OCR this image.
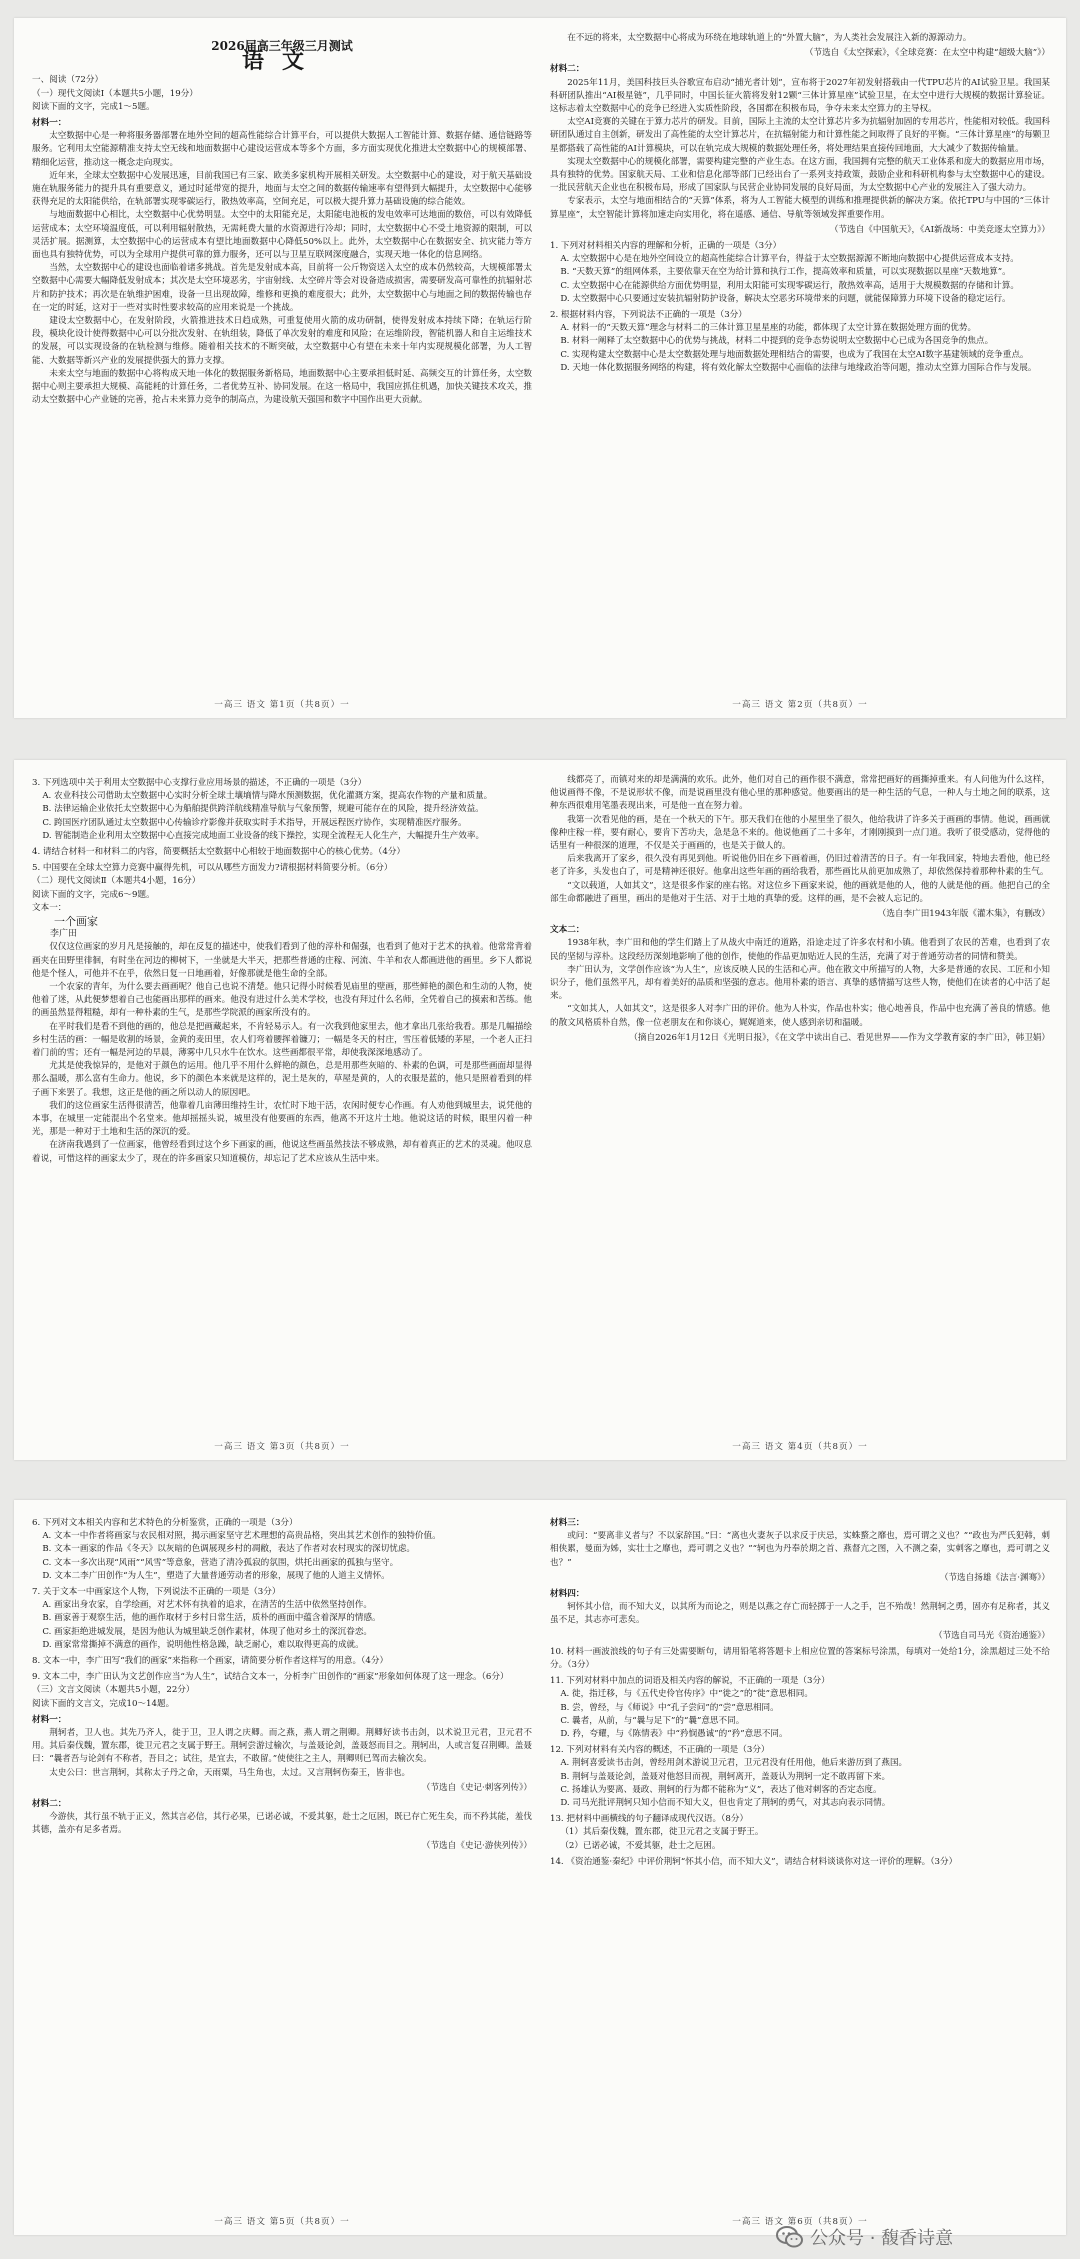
2026届高三年级三月测试
语文

一、阅读（72分）

（一）现代文阅读Ⅰ（本题共5小题，19分）

阅读下面的文字，完成1～5题。

材料一：

太空数据中心是一种将服务器部署在地外空间的超高性能综合计算平台，可以提供大数据人工智能计算、数据存储、通信链路等服务。它利用太空能源精准支持太空无线和地面数据中心建设运营成本等多个方面，多方面实现优化推进太空数据中心的规模部署、精细化运营，推动这一概念走向现实。

近年来，全球太空数据中心发展迅速，目前我国已有三家、欧美多家机构开展相关研发。太空数据中心的建设，对于航天基础设施在轨服务能力的提升具有重要意义，通过时延带宽的提升，地面与太空之间的数据传输速率有望得到大幅提升，太空数据中心能够获得充足的太阳能供给，在轨部署实现零碳运行，散热效率高，空间充足，可以极大提升算力基础设施的综合能效。

与地面数据中心相比，太空数据中心优势明显。太空中的太阳能充足，太阳能电池板的发电效率可达地面的数倍，可以有效降低运营成本；太空环境温度低，可以利用辐射散热，无需耗费大量的水资源进行冷却；同时，太空数据中心不受土地资源的限制，可以灵活扩展。据测算，太空数据中心的运营成本有望比地面数据中心降低50%以上。此外，太空数据中心在数据安全、抗灾能力等方面也具有独特优势，可以为全球用户提供可靠的算力服务，还可以与卫星互联网深度融合，实现天地一体化的信息网络。

当然，太空数据中心的建设也面临着诸多挑战。首先是发射成本高，目前将一公斤物资送入太空的成本仍然较高，大规模部署太空数据中心需要大幅降低发射成本；其次是太空环境恶劣，宇宙射线、太空碎片等会对设备造成损害，需要研发高可靠性的抗辐射芯片和防护技术；再次是在轨维护困难，设备一旦出现故障，维修和更换的难度很大；此外，太空数据中心与地面之间的数据传输也存在一定的时延，这对于一些对实时性要求较高的应用来说是一个挑战。

建设太空数据中心，在发射阶段，火箭推进技术日趋成熟，可重复使用火箭的成功研制，使得发射成本持续下降；在轨运行阶段，模块化设计使得数据中心可以分批次发射、在轨组装，降低了单次发射的难度和风险；在运维阶段，智能机器人和自主运维技术的发展，可以实现设备的在轨检测与维修。随着相关技术的不断突破，太空数据中心有望在未来十年内实现规模化部署，为人工智能、大数据等新兴产业的发展提供强大的算力支撑。

未来太空与地面的数据中心将构成天地一体化的数据服务新格局，地面数据中心主要承担低时延、高频交互的计算任务，太空数据中心则主要承担大规模、高能耗的计算任务，二者优势互补、协同发展。在这一格局中，我国应抓住机遇，加快关键技术攻关，推动太空数据中心产业链的完善，抢占未来算力竞争的制高点，为建设航天强国和数字中国作出更大贡献。

在不远的将来，太空数据中心将成为环绕在地球轨道上的“外置大脑”，为人类社会发展注入新的源源动力。

（节选自《太空探索》，《全球竞赛：在太空中构建“超级大脑”》）

材料二：

2025年11月，美国科技巨头谷歌宣布启动“捕光者计划”，宣布将于2027年初发射搭载由一代TPU芯片的AI试验卫星。我国某科研团队推出“AI极星链”，几乎同时，中国长征火箭将发射12颗“三体计算星座”试验卫星，在太空中进行大规模的数据计算验证。这标志着太空数据中心的竞争已经进入实质性阶段，各国都在积极布局，争夺未来太空算力的主导权。

太空AI竞赛的关键在于算力芯片的研发。目前，国际上主流的太空计算芯片多为抗辐射加固的专用芯片，性能相对较低。我国科研团队通过自主创新，研发出了高性能的太空计算芯片，在抗辐射能力和计算性能之间取得了良好的平衡。“三体计算星座”的每颗卫星都搭载了高性能的AI计算模块，可以在轨完成大规模的数据处理任务，将处理结果直接传回地面，大大减少了数据传输量。

实现太空数据中心的规模化部署，需要构建完整的产业生态。在这方面，我国拥有完整的航天工业体系和庞大的数据应用市场，具有独特的优势。国家航天局、工业和信息化部等部门已经出台了一系列支持政策，鼓励企业和科研机构参与太空数据中心的建设。一批民营航天企业也在积极布局，形成了国家队与民营企业协同发展的良好局面，为太空数据中心产业的发展注入了强大动力。

专家表示，太空与地面相结合的“天算”体系，将为人工智能大模型的训练和推理提供新的解决方案。依托TPU与中国的“三体计算星座”，太空智能计算将加速走向实用化，将在遥感、通信、导航等领域发挥重要作用。

（节选自《中国航天》，《AI新战场：中美竞逐太空算力》）

1. 下列对材料相关内容的理解和分析，正确的一项是（3分）

A. 太空数据中心是在地外空间设立的超高性能综合计算平台，得益于太空数据源源不断地向数据中心提供运营成本支持。

B. “天数天算”的组网体系，主要依靠天在空为给计算和执行工作，提高效率和质量，可以实现数据以星座”天数地算”。

C. 太空数据中心在能源供给方面优势明显，利用太阳能可实现零碳运行，散热效率高，适用于大规模数据的存储和计算。

D. 太空数据中心只要通过安装抗辐射防护设备，解决太空恶劣环境带来的问题，就能保障算力环境下设备的稳定运行。

2. 根据材料内容，下列说法不正确的一项是（3分）

A. 材料一的“天数天算”理念与材料二的三体计算卫星星座的功能，都体现了太空计算在数据处理方面的优势。

B. 材料一阐释了太空数据中心的优势与挑战，材料二中提到的竞争态势说明太空数据中心已成为各国竞争的焦点。

C. 实现构建太空数据中心是太空数据处理与地面数据处理相结合的需要，也成为了我国在太空AI数字基建领域的竞争重点。

D. 天地一体化数据服务网络的构建，将有效化解太空数据中心面临的法律与地缘政治等问题，推动太空算力国际合作与发展。

一高三 语文 第1页（共8页）一	一高三 语文 第2页（共8页）一

3. 下列选项中关于利用太空数据中心支撑行业应用场景的描述，不正确的一项是（3分）

A. 农业科技公司借助太空数据中心实时分析全球土壤墒情与降水预测数据，优化灌溉方案，提高农作物的产量和质量。

B. 法律运输企业依托太空数据中心为船舶提供跨洋航线精准导航与气象预警，规避可能存在的风险，提升经济效益。

C. 跨国医疗团队通过太空数据中心传输诊疗影像并获取实时手术指导，开展远程医疗协作，实现精准医疗服务。

D. 智能制造企业利用太空数据中心直接完成地面工业设备的线下操控，实现全流程无人化生产，大幅提升生产效率。

4. 请结合材料一和材料二的内容，简要概括太空数据中心相较于地面数据中心的核心优势。（4分）

5. 中国要在全球太空算力竞赛中赢得先机，可以从哪些方面发力?请根据材料简要分析。（6分）

（二）现代文阅读Ⅱ（本题共4小题，16分）

阅读下面的文字，完成6～9题。

文本一：

一个画家

李广田

仅仅这位画家的岁月凡是接触的，却在反复的描述中，使我们看到了他的淳朴和倔强，也看到了他对于艺术的执着。他常常背着画夹在田野里徘徊，有时坐在河边的柳树下，一坐就是大半天，把那些普通的庄稼、河流、牛羊和农人都画进他的画里。乡下人都说他是个怪人，可他并不在乎，依然日复一日地画着，好像那就是他生命的全部。

一个农家的青年，为什么要去画画呢？他自己也说不清楚。他只记得小时候看见庙里的壁画，那些鲜艳的颜色和生动的人物，使他着了迷，从此便梦想着自己也能画出那样的画来。他没有进过什么美术学校，也没有拜过什么名师，全凭着自己的摸索和苦练。他的画虽然显得粗糙，却有一种朴素的生气，是那些学院派的画家所没有的。

在平时我们是看不到他的画的，他总是把画藏起来，不肯轻易示人。有一次我到他家里去，他才拿出几张给我看。那是几幅描绘乡村生活的画：一幅是收割的场景，金黄的麦田里，农人们弯着腰挥着镰刀；一幅是冬天的村庄，雪压着低矮的茅屋，一个老人正扫着门前的雪；还有一幅是河边的早晨，薄雾中几只水牛在饮水。这些画都很平常，却使我深深地感动了。

尤其是使我惊异的，是他对于颜色的运用。他几乎不用什么鲜艳的颜色，总是用那些灰暗的、朴素的色调，可是那些画面却显得那么温暖，那么富有生命力。他说，乡下的颜色本来就是这样的，泥土是灰的，草屋是黄的，人的衣服是蓝的，他只是照着看到的样子画下来罢了。我想，这正是他的画之所以动人的原因吧。

我们的这位画家生活得很清苦，他靠着几亩薄田维持生计，农忙时下地干活，农闲时便专心作画。有人劝他到城里去，说凭他的本事，在城里一定能混出个名堂来。他却摇摇头说，城里没有他要画的东西，他离不开这片土地。他说这话的时候，眼里闪着一种光，那是一种对于土地和生活的深沉的爱。

在济南我遇到了一位画家，他曾经看到过这个乡下画家的画，他说这些画虽然技法不够成熟，却有着真正的艺术的灵魂。他叹息着说，可惜这样的画家太少了，现在的许多画家只知道模仿，却忘记了艺术应该从生活中来。

线都亮了，而镇对来的却是满满的欢乐。此外，他们对自己的画作很不满意，常常把画好的画撕掉重来。有人问他为什么这样，他说画得不像，不是说形状不像，而是说画里没有他心里的那种感觉。他要画出的是一种生活的气息，一种人与土地之间的联系，这种东西很难用笔墨表现出来，可是他一直在努力着。

我第一次看见他的画，是在一个秋天的下午。那天我们在他的小屋里坐了很久，他给我讲了许多关于画画的事情。他说，画画就像种庄稼一样，要有耐心，要肯下苦功夫，急是急不来的。他说他画了二十多年，才刚刚摸到一点门道。我听了很受感动，觉得他的话里有一种很深的道理，不仅是关于画画的，也是关于做人的。

后来我离开了家乡，很久没有再见到他。听说他仍旧在乡下画着画，仍旧过着清苦的日子。有一年我回家，特地去看他，他已经老了许多，头发也白了，可是精神还很好。他拿出这些年画的画给我看，那些画比从前更加成熟了，却依然保持着那种朴素的生气。

“文以载道，人如其文”，这是很多作家的座右铭。对这位乡下画家来说，他的画就是他的人，他的人就是他的画。他把自己的全部生命都融进了画里，画出的是他对于生活、对于土地的真挚的爱。这样的画，是不会被人忘记的。

（选自李广田1943年版《灌木集》，有删改）

文本二：

1938年秋，李广田和他的学生们踏上了从战火中南迁的道路，沿途走过了许多农村和小镇。他看到了农民的苦难，也看到了农民的坚韧与淳朴。这段经历深刻地影响了他的创作，使他的作品更加贴近人民的生活，充满了对于普通劳动者的同情和赞美。

李广田认为，文学创作应该“为人生”，应该反映人民的生活和心声。他在散文中所描写的人物，大多是普通的农民、工匠和小知识分子，他们虽然平凡，却有着美好的品质和坚强的意志。他用朴素的语言、真挚的感情描写这些人物，使他们在读者的心中活了起来。

“文如其人，人如其文”，这是很多人对李广田的评价。他为人朴实，作品也朴实；他心地善良，作品中也充满了善良的情感。他的散文风格质朴自然，像一位老朋友在和你谈心，娓娓道来，使人感到亲切和温暖。

（摘自2026年1月12日《光明日报》，《在文学中读出自己、看见世界——作为文学教育家的李广田》，韩卫娟）

一高三 语文 第3页（共8页）一	一高三 语文 第4页（共8页）一

6. 下列对文本相关内容和艺术特色的分析鉴赏，正确的一项是（3分）

A. 文本一中作者将画家与农民相对照，揭示画家坚守艺术理想的高贵品格，突出其艺术创作的独特价值。

B. 文本一画家的作品《冬天》以灰暗的色调展现乡村的凋敝，表达了作者对农村现实的深切忧虑。

C. 文本一多次出现“风雨”“风雪”等意象，营造了清冷孤寂的氛围，烘托出画家的孤独与坚守。

D. 文本二李广田创作“为人生”，塑造了大量普通劳动者的形象，展现了他的人道主义情怀。

7. 关于文本一中画家这个人物，下列说法不正确的一项是（3分）

A. 画家出身农家，自学绘画，对艺术怀有执着的追求，在清苦的生活中依然坚持创作。

B. 画家善于观察生活，他的画作取材于乡村日常生活，质朴的画面中蕴含着深厚的情感。

C. 画家拒绝进城发展，是因为他认为城里缺乏创作素材，体现了他对乡土的深沉眷恋。

D. 画家常常撕掉不满意的画作，说明他性格急躁，缺乏耐心，难以取得更高的成就。

8. 文本一中，李广田写“我们的画家”来指称一个画家，请简要分析作者这样写的用意。（4分）

9. 文本二中，李广田认为文艺创作应当“为人生”，试结合文本一，分析李广田创作的“画家”形象如何体现了这一理念。（6分）

（三）文言文阅读（本题共5小题，22分）

阅读下面的文言文，完成10～14题。

材料一：

荆轲者，卫人也。其先乃齐人，徙于卫，卫人谓之庆卿。而之燕，燕人谓之荆卿。荆卿好读书击剑，以术说卫元君，卫元君不用。其后秦伐魏，置东郡，徙卫元君之支属于野王。荆轲尝游过榆次，与盖聂论剑，盖聂怒而目之。荆轲出，人或言复召荆卿。盖聂曰：“曩者吾与论剑有不称者，吾目之；试往，是宜去，不敢留。”使使往之主人，荆卿则已驾而去榆次矣。

太史公曰：世言荆轲，其称太子丹之命，天雨粟，马生角也，太过。又言荆轲伤秦王，皆非也。

（节选自《史记·刺客列传》）

材料二：

今游侠，其行虽不轨于正义，然其言必信，其行必果，已诺必诚，不爱其躯，赴士之厄困，既已存亡死生矣，而不矜其能，羞伐其德，盖亦有足多者焉。

（节选自《史记·游侠列传》）

材料三：

或问：“要离非义者与？不以家辞国。”曰：“离也火妻灰子以求反于庆忌，实蛛蝥之靡也，焉可谓之义也？”“政也为严氏犯韩，刺相侠累，曼面为姊，实壮士之靡也，焉可谓之义也？”“轲也为丹奉於期之首、燕督亢之图，入不测之秦，实刺客之靡也，焉可谓之义也？”

（节选自扬雄《法言·渊骞》）

材料四：

轲怀其小信，而不知大义，以其所为而论之，则是以燕之存亡而轻掷于一人之手，岂不殆哉！然荆轲之勇，固亦有足称者，其义虽不足，其志亦可悲矣。

（节选自司马光《资治通鉴》）

10. 材料一画波浪线的句子有三处需要断句，请用铅笔将答题卡上相应位置的答案标号涂黑，每填对一处给1分，涂黑超过三处不给分。（3分）

11. 下列对材料中加点的词语及相关内容的解说，不正确的一项是（3分）

A. 徙，指迁移，与《五代史伶官传序》中“徙之”的“徙”意思相同。

B. 尝，曾经，与《师说》中“孔子尝问”的“尝”意思相同。

C. 曩者，从前，与“曩与足下”的“曩”意思不同。

D. 矜，夸耀，与《陈情表》中“矜悯愚诚”的“矜”意思不同。

12. 下列对材料有关内容的概述，不正确的一项是（3分）

A. 荆轲喜爱读书击剑，曾经用剑术游说卫元君，卫元君没有任用他，他后来游历到了燕国。

B. 荆轲与盖聂论剑，盖聂对他怒目而视，荆轲离开，盖聂认为荆轲一定不敢再留下来。

C. 扬雄认为要离、聂政、荆轲的行为都不能称为“义”，表达了他对刺客的否定态度。

D. 司马光批评荆轲只知小信而不知大义，但也肯定了荆轲的勇气，对其志向表示同情。

13. 把材料中画横线的句子翻译成现代汉语。（8分）

（1）其后秦伐魏，置东郡，徙卫元君之支属于野王。

（2）已诺必诚，不爱其躯，赴士之厄困。

14. 《资治通鉴·秦纪》中评价荆轲“怀其小信，而不知大义”，请结合材料谈谈你对这一评价的理解。（3分）

一高三 语文 第5页（共8页）一	一高三 语文 第6页（共8页）一
公众号 · 馥香诗意
